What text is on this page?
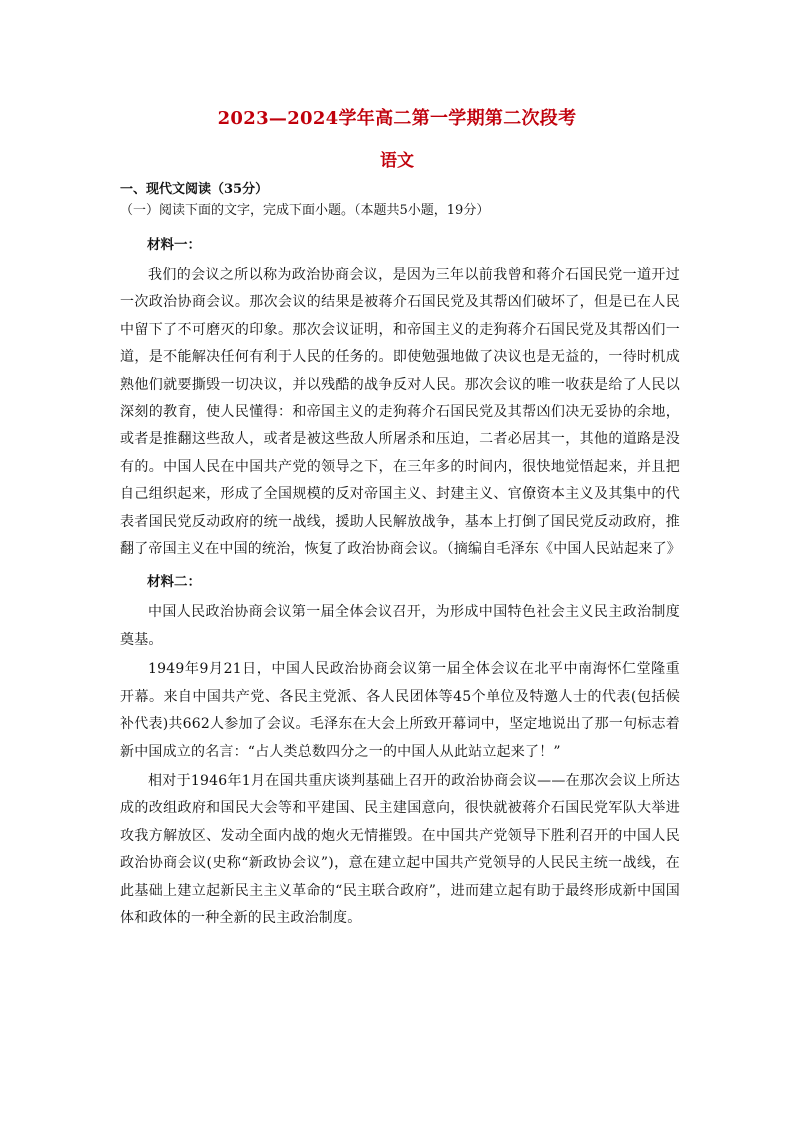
2023—2024学年高二第一学期第二次段考
语文

一、现代文阅读（35分）

（一）阅读下面的文字，完成下面小题。（本题共5小题，19分）

材料一：

我们的会议之所以称为政治协商会议，是因为三年以前我曾和蒋介石国民党一道开过一次政治协商会议。那次会议的结果是被蒋介石国民党及其帮凶们破坏了，但是已在人民中留下了不可磨灭的印象。那次会议证明，和帝国主义的走狗蒋介石国民党及其帮凶们一道，是不能解决任何有利于人民的任务的。即使勉强地做了决议也是无益的，一待时机成熟他们就要撕毁一切决议，并以残酷的战争反对人民。那次会议的唯一收获是给了人民以深刻的教育，使人民懂得：和帝国主义的走狗蒋介石国民党及其帮凶们决无妥协的余地，或者是推翻这些敌人，或者是被这些敌人所屠杀和压迫，二者必居其一，其他的道路是没有的。中国人民在中国共产党的领导之下，在三年多的时间内，很快地觉悟起来，并且把自己组织起来，形成了全国规模的反对帝国主义、封建主义、官僚资本主义及其集中的代表者国民党反动政府的统一战线，援助人民解放战争，基本上打倒了国民党反动政府，推翻了帝国主义在中国的统治，恢复了政治协商会议。（摘编自毛泽东《中国人民站起来了》

材料二：

中国人民政治协商会议第一届全体会议召开，为形成中国特色社会主义民主政治制度奠基。

1949年9月21日，中国人民政治协商会议第一届全体会议在北平中南海怀仁堂隆重开幕。来自中国共产党、各民主党派、各人民团体等45个单位及特邀人士的代表(包括候补代表)共662人参加了会议。毛泽东在大会上所致开幕词中，坚定地说出了那一句标志着新中国成立的名言：“占人类总数四分之一的中国人从此站立起来了！”

相对于1946年1月在国共重庆谈判基础上召开的政治协商会议——在那次会议上所达成的改组政府和国民大会等和平建国、民主建国意向，很快就被蒋介石国民党军队大举进攻我方解放区、发动全面内战的炮火无情摧毁。在中国共产党领导下胜利召开的中国人民政治协商会议(史称“新政协会议”)，意在建立起中国共产党领导的人民民主统一战线，在此基础上建立起新民主主义革命的“民主联合政府”，进而建立起有助于最终形成新中国国体和政体的一种全新的民主政治制度。
